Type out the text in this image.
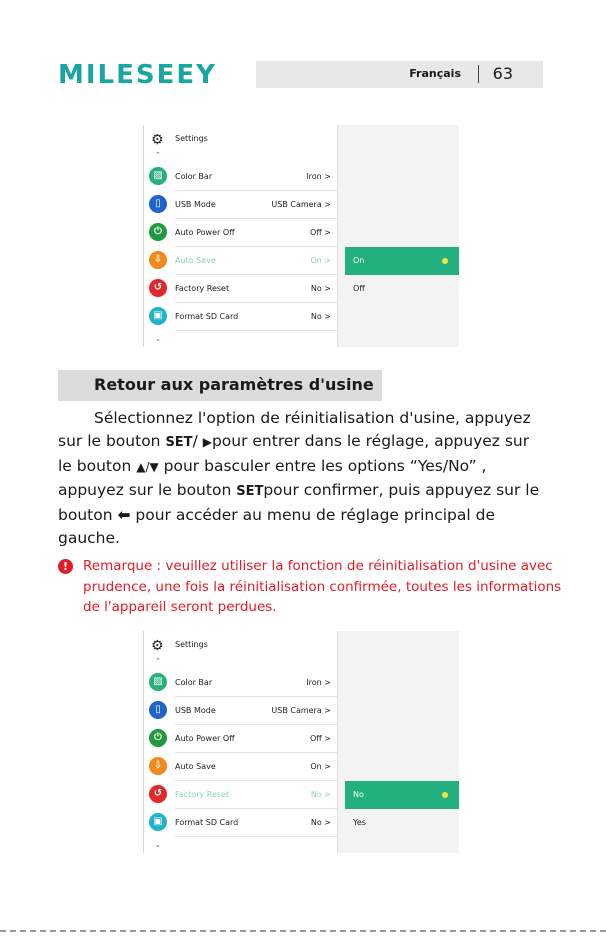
MILESEEY	Français 63
⚙ Settings
⌃
▨	Color Bar	Iron >
▯	USB Mode	USB Camera >
⏻	Auto Power Off	Off >
⇩	Auto Save	On >
↺	Factory Reset	No >
▣	Format SD Card	No >
⌄
On
Off
Retour aux paramètres d'usine
Sélectionnez l'option de réinitialisation d'usine, appuyez
sur le bouton SET/ ▶pour entrer dans le réglage, appuyez sur
le bouton ▲/▼ pour basculer entre les options “Yes/No” ,
appuyez sur le bouton SETpour confirmer, puis appuyez sur le
bouton ⬅ pour accéder au menu de réglage principal de
gauche.
!	Remarque : veuillez utiliser la fonction de réinitialisation d'usine avec prudence, une fois la réinitialisation confirmée, toutes les informations de l'appareil seront perdues.
⚙ Settings
⌃
▨	Color Bar	Iron >
▯	USB Mode	USB Camera >
⏻	Auto Power Off	Off >
⇩	Auto Save	On >
↺	Factory Reset	No >
▣	Format SD Card	No >
⌄
No
Yes
